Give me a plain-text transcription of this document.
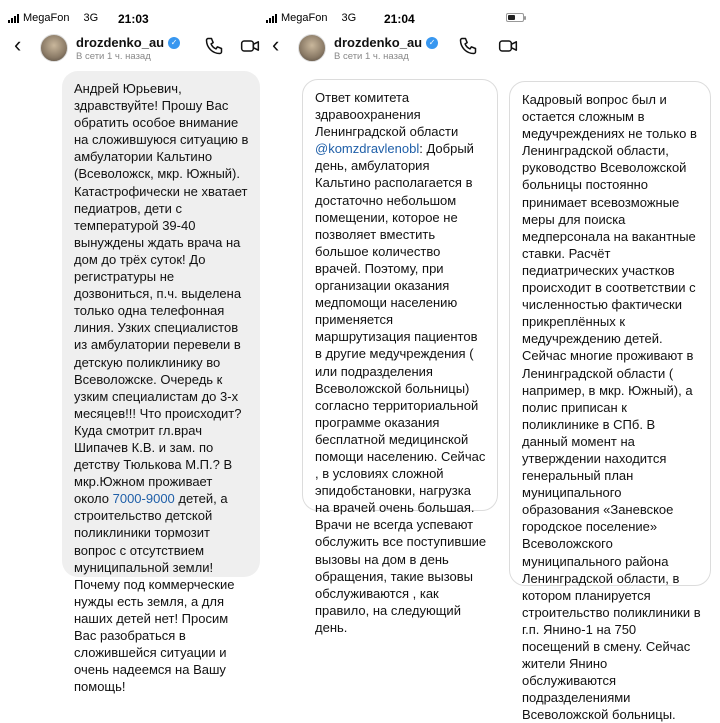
MegaFon 3G 21:03	MegaFon 3G 21:04
‹	drozdenko_au ✓
В сети 1 ч. назад	‹	drozdenko_au ✓
В сети 1 ч. назад
Андрей Юрьевич, здравствуйте! Прошу Вас обратить особое внимание на сложившуюся ситуацию в амбулатории Кальтино (Всеволожск, мкр. Южный). Катастрофически не хватает педиатров, дети с температурой 39-40 вынуждены ждать врача на дом до трёх суток! До регистратуры не дозвониться, п.ч. выделена только одна телефонная линия. Узких специалистов из амбулатории перевели в детскую поликлинику во Всеволожске. Очередь к узким специалистам до 3-х месяцев!!! Что происходит? Куда смотрит гл.врач Шипачев К.В. и зам. по детству Тюлькова М.П.? В мкр.Южном проживает около 7000-9000 детей, а строительство детской поликлиники тормозит вопрос с отсутствием муниципальной земли! Почему под коммерческие нужды есть земля, а для наших детей нет! Просим Вас разобраться в сложившейся ситуации и очень надеемся на Вашу помощь!
Ответ комитета здравоохранения Ленинградской области @komzdravlenobl: Добрый день, амбулатория Кальтино располагается в достаточно небольшом помещении, которое не позволяет вместить большое количество врачей. Поэтому, при организации оказания медпомощи населению применяется маршрутизация пациентов в другие медучреждения ( или подразделения Всеволожской больницы) согласно территориальной программе оказания бесплатной медицинской помощи населению. Сейчас , в условиях сложной эпидобстановки, нагрузка на врачей очень большая. Врачи не всегда успевают обслужить все поступившие вызовы на дом в день обращения, такие вызовы обслуживаются , как правило, на следующий день.
Кадровый вопрос был и остается сложным в медучреждениях не только в Ленинградской области, руководство Всеволожской больницы постоянно принимает всевозможные меры для поиска медперсонала на вакантные ставки. Расчёт педиатрических участков происходит в соответствии с численностью фактически прикреплённых к медучреждению детей. Сейчас многие проживают в Ленинградской области ( например, в мкр. Южный), а полис приписан к поликлинике в СПб. В данный момент на утверждении находится генеральный план муниципального образования «Заневское городское поселение» Всеволожского муниципального района Ленинградской области, в котором планируется строительство поликлиники в г.п. Янино-1 на 750 посещений в смену. Сейчас жители Янино обслуживаются подразделениями Всеволожской больницы.
